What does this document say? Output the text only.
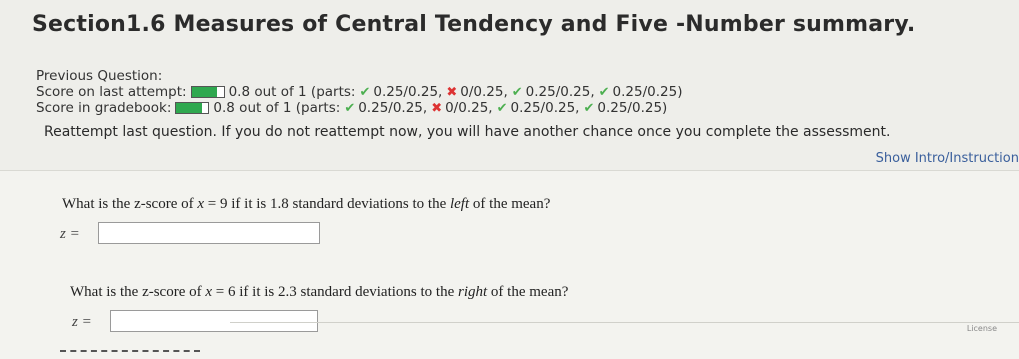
Section1.6 Measures of Central Tendency and Five -Number summary.
Previous Question:
Score on last attempt:	0.8 out of 1 (parts: ✔ 0.25/0.25, ✖ 0/0.25, ✔ 0.25/0.25, ✔ 0.25/0.25)
Score in gradebook:	0.8 out of 1 (parts: ✔ 0.25/0.25, ✖ 0/0.25, ✔ 0.25/0.25, ✔ 0.25/0.25)
Reattempt last question. If you do not reattempt now, you will have another chance once you complete the assessment.
Show Intro/Instruction
What is the z-score of x = 9 if it is 1.8 standard deviations to the left of the mean?
z =
What is the z-score of x = 6 if it is 2.3 standard deviations to the right of the mean?
z =	License
